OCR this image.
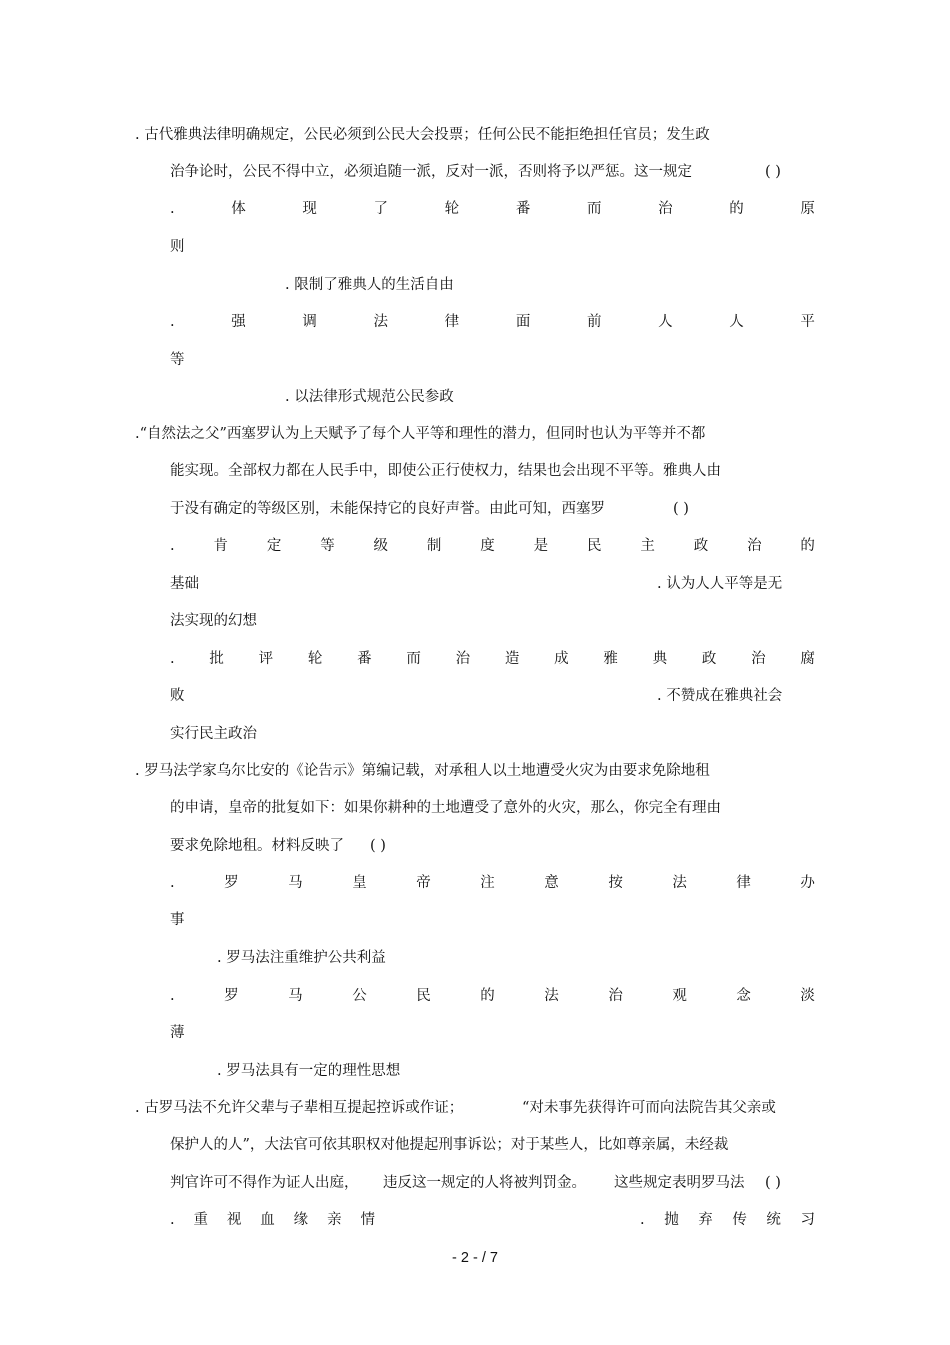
. 古代雅典法律明确规定，公民必须到公民大会投票；任何公民不能拒绝担任官员；发生政
治争论时，公民不得中立，必须追随一派，反对一派，否则将予以严惩。这一规定	( )
.	体	现	了	轮	番	而	治	的	原
则
. 限制了雅典人的生活自由
.	强	调	法	律	面	前	人	人	平
等
. 以法律形式规范公民参政
.“自然法之父”西塞罗认为上天赋予了每个人平等和理性的潜力，但同时也认为平等并不都
能实现。全部权力都在人民手中，即使公正行使权力，结果也会出现不平等。雅典人由
于没有确定的等级区别，未能保持它的良好声誉。由此可知，西塞罗	( )
.	肯	定	等	级	制	度	是	民	主	政	治	的
基础	. 认为人人平等是无
法实现的幻想
. 批 评 轮 番 而 治 造 成 雅 典 政 治 腐
败	. 不赞成在雅典社会
实行民主政治
. 罗马法学家乌尔比安的《论告示》第编记载，对承租人以土地遭受火灾为由要求免除地租
的申请，皇帝的批复如下：如果你耕种的土地遭受了意外的火灾，那么，你完全有理由
要求免除地租。材料反映了 ( )
.	罗	马	皇	帝	注	意	按	法	律	办
事
. 罗马法注重维护公共利益
.	罗	马	公	民	的	法	治	观	念	淡
薄
. 罗马法具有一定的理性思想
. 古罗马法不允许父辈与子辈相互提起控诉或作证；	“对未事先获得许可而向法院告其父亲或
保护人的人”，大法官可依其职权对他提起刑事诉讼；对于某些人，比如尊亲属，未经裁
判官许可不得作为证人出庭， 违反这一规定的人将被判罚金。 这些规定表明罗马法 ( )
. 重 视 血 缘 亲 情	. 抛 弃 传 统 习
- 2 - / 7
